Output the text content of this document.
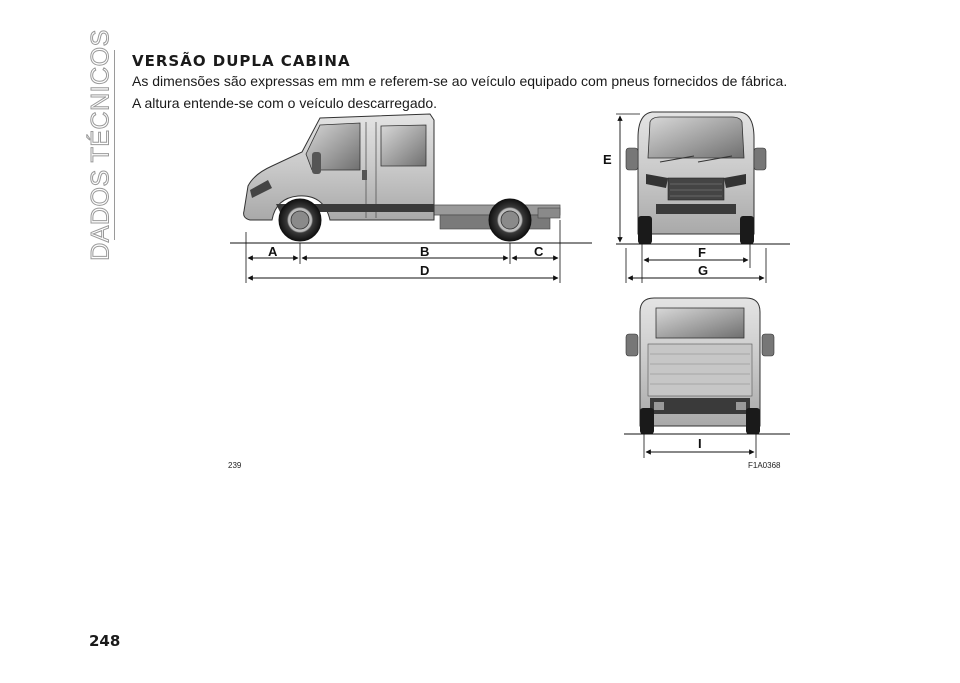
DADOS TÉCNICOS VERSÃO DUPLA CABINA
As dimensões são expressas em mm e referem-se ao veículo equipado com pneus fornecidos de fábrica.
A altura entende-se com o veículo descarregado.
A	B	C
D
E
F
G
I
239	F1A0368
248
